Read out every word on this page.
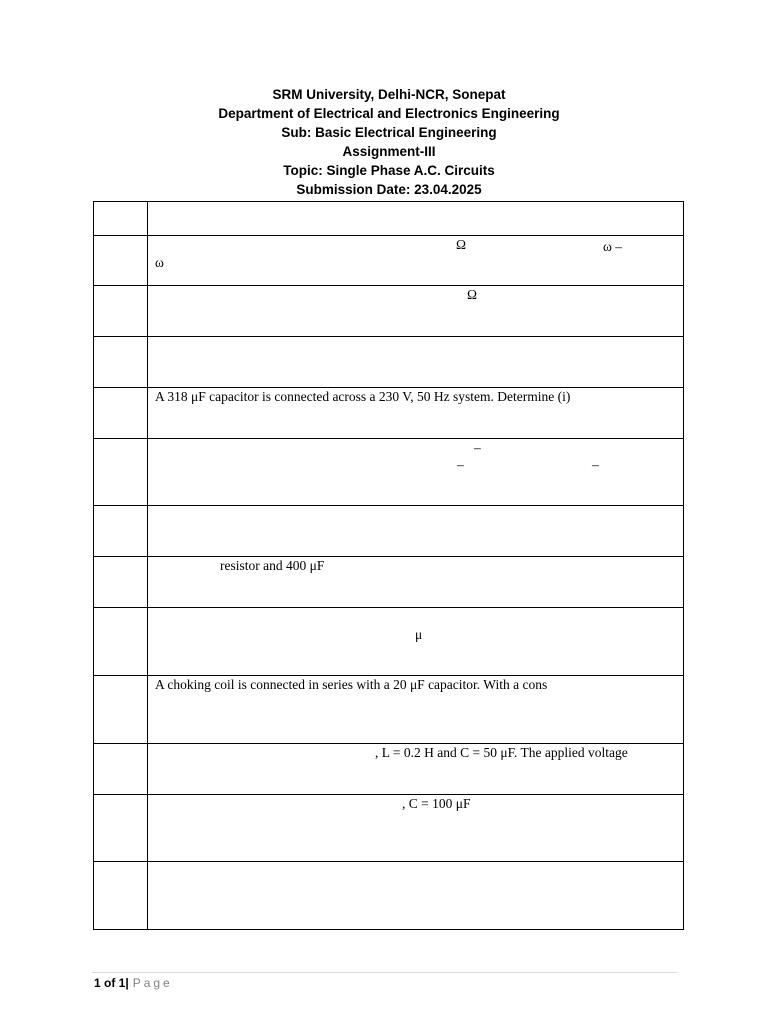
SRM University, Delhi-NCR, Sonepat
Department of Electrical and Electronics Engineering
Sub: Basic Electrical Engineering
Assignment-III
Topic: Single Phase A.C. Circuits
Submission Date: 23.04.2025

	Ω ω –
ω

	Ω

	A 318 μF capacitor is connected across a 230 V, 50 Hz system. Determine (i)

	–
– –

	resistor and 400 μF

	μ

	A choking coil is connected in series with a 20 μF capacitor. With a cons

	, L = 0.2 H and C = 50 μF. The applied voltage

	, C = 100 μF

1 of 1| Page
